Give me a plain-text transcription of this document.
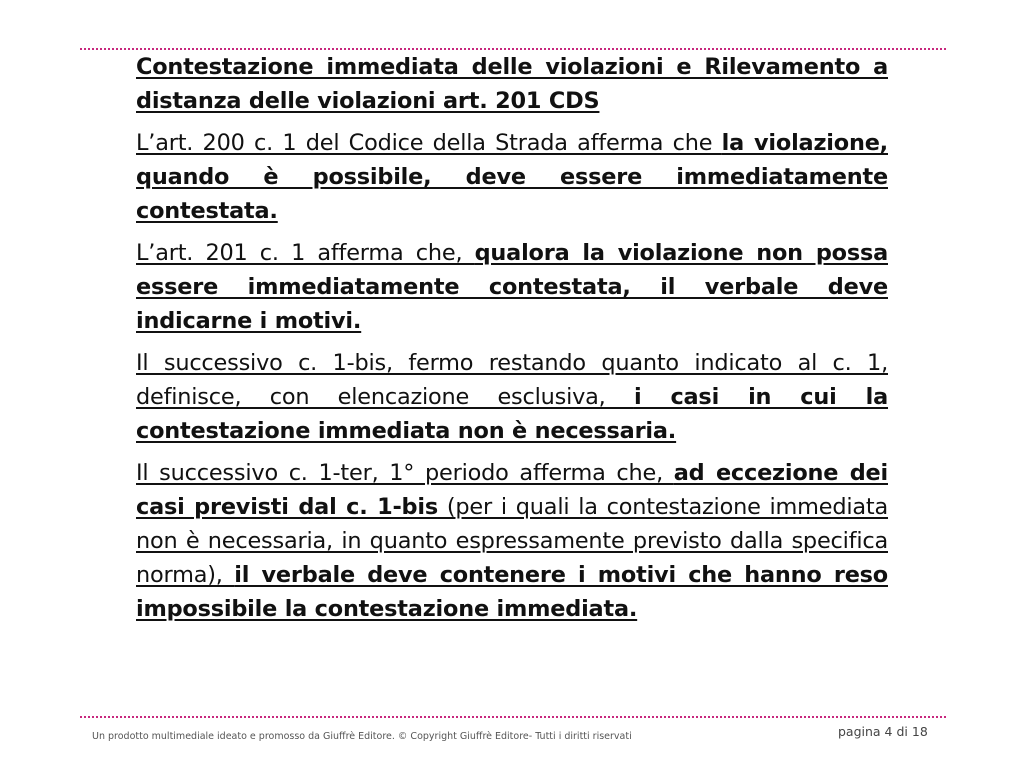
Contestazione immediata delle violazioni e Rilevamento a distanza delle violazioni art. 201 CDS

L’art. 200 c. 1 del Codice della Strada afferma che la violazione, quando è possibile, deve essere immediatamente contestata.

L’art. 201 c. 1 afferma che, qualora la violazione non possa essere immediatamente contestata, il verbale deve indicarne i motivi.

Il successivo c. 1-bis, fermo restando quanto indicato al c. 1, definisce, con elencazione esclusiva, i casi in cui la contestazione immediata non è necessaria.

Il successivo c. 1-ter, 1° periodo afferma che, ad eccezione dei casi previsti dal c. 1-bis (per i quali la contestazione immediata non è necessaria, in quanto espressamente previsto dalla specifica norma), il verbale deve contenere i motivi che hanno reso impossibile la contestazione immediata.

Un prodotto multimediale ideato e promosso da Giuffrè Editore. © Copyright Giuffrè Editore- Tutti i diritti riservati	pagina 4 di 18
